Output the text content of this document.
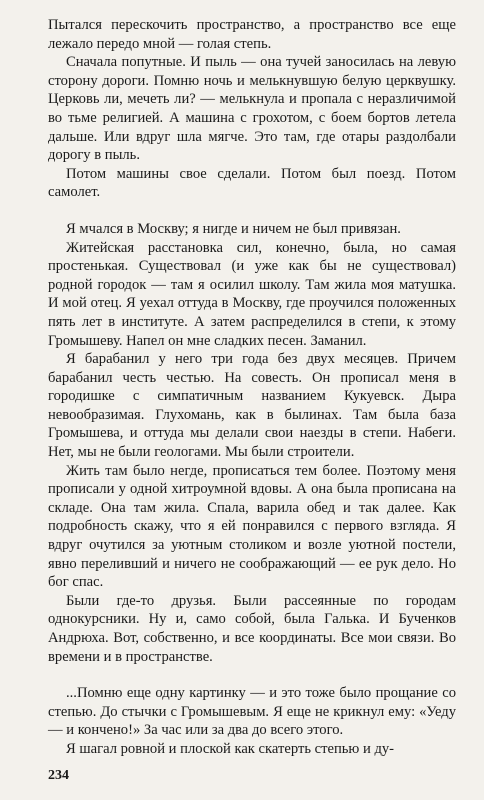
Пытался перескочить пространство, а пространство все еще лежало передо мной — голая степь.

Сначала попутные. И пыль — она тучей заносилась на левую сторону дороги. Помню ночь и мелькнувшую белую церквушку. Церковь ли, мечеть ли? — мелькнула и пропала с неразличимой во тьме религией. А машина с грохотом, с боем бортов летела дальше. Или вдруг шла мягче. Это там, где отары раздолбали дорогу в пыль.

Потом машины свое сделали. Потом был поезд. Потом самолет.

Я мчался в Москву; я нигде и ничем не был привязан.

Житейская расстановка сил, конечно, была, но самая простенькая. Существовал (и уже как бы не существовал) родной городок — там я осилил школу. Там жила моя матушка. И мой отец. Я уехал оттуда в Москву, где проучился положенных пять лет в институте. А затем распределился в степи, к этому Громышеву. Напел он мне сладких песен. Заманил.

Я барабанил у него три года без двух месяцев. Причем барабанил честь честью. На совесть. Он прописал меня в городишке с симпатичным названием Кукуевск. Дыра невообразимая. Глухомань, как в былинах. Там была база Громышева, и оттуда мы делали свои наезды в степи. Набеги. Нет, мы не были геологами. Мы были строители.

Жить там было негде, прописаться тем более. Поэтому меня прописали у одной хитроумной вдовы. А она была прописана на складе. Она там жила. Спала, варила обед и так далее. Как подробность скажу, что я ей понравился с первого взгляда. Я вдруг очутился за уютным столиком и возле уютной постели, явно переливший и ничего не соображающий — ее рук дело. Но бог спас.

Были где-то друзья. Были рассеянные по городам однокурсники. Ну и, само собой, была Галька. И Бученков Андрюха. Вот, собственно, и все координаты. Все мои связи. Во времени и в пространстве.

...Помню еще одну картинку — и это тоже было прощание со степью. До стычки с Громышевым. Я еще не крикнул ему: «Уеду — и кончено!» За час или за два до всего этого.

Я шагал ровной и плоской как скатерть степью и ду-

234
